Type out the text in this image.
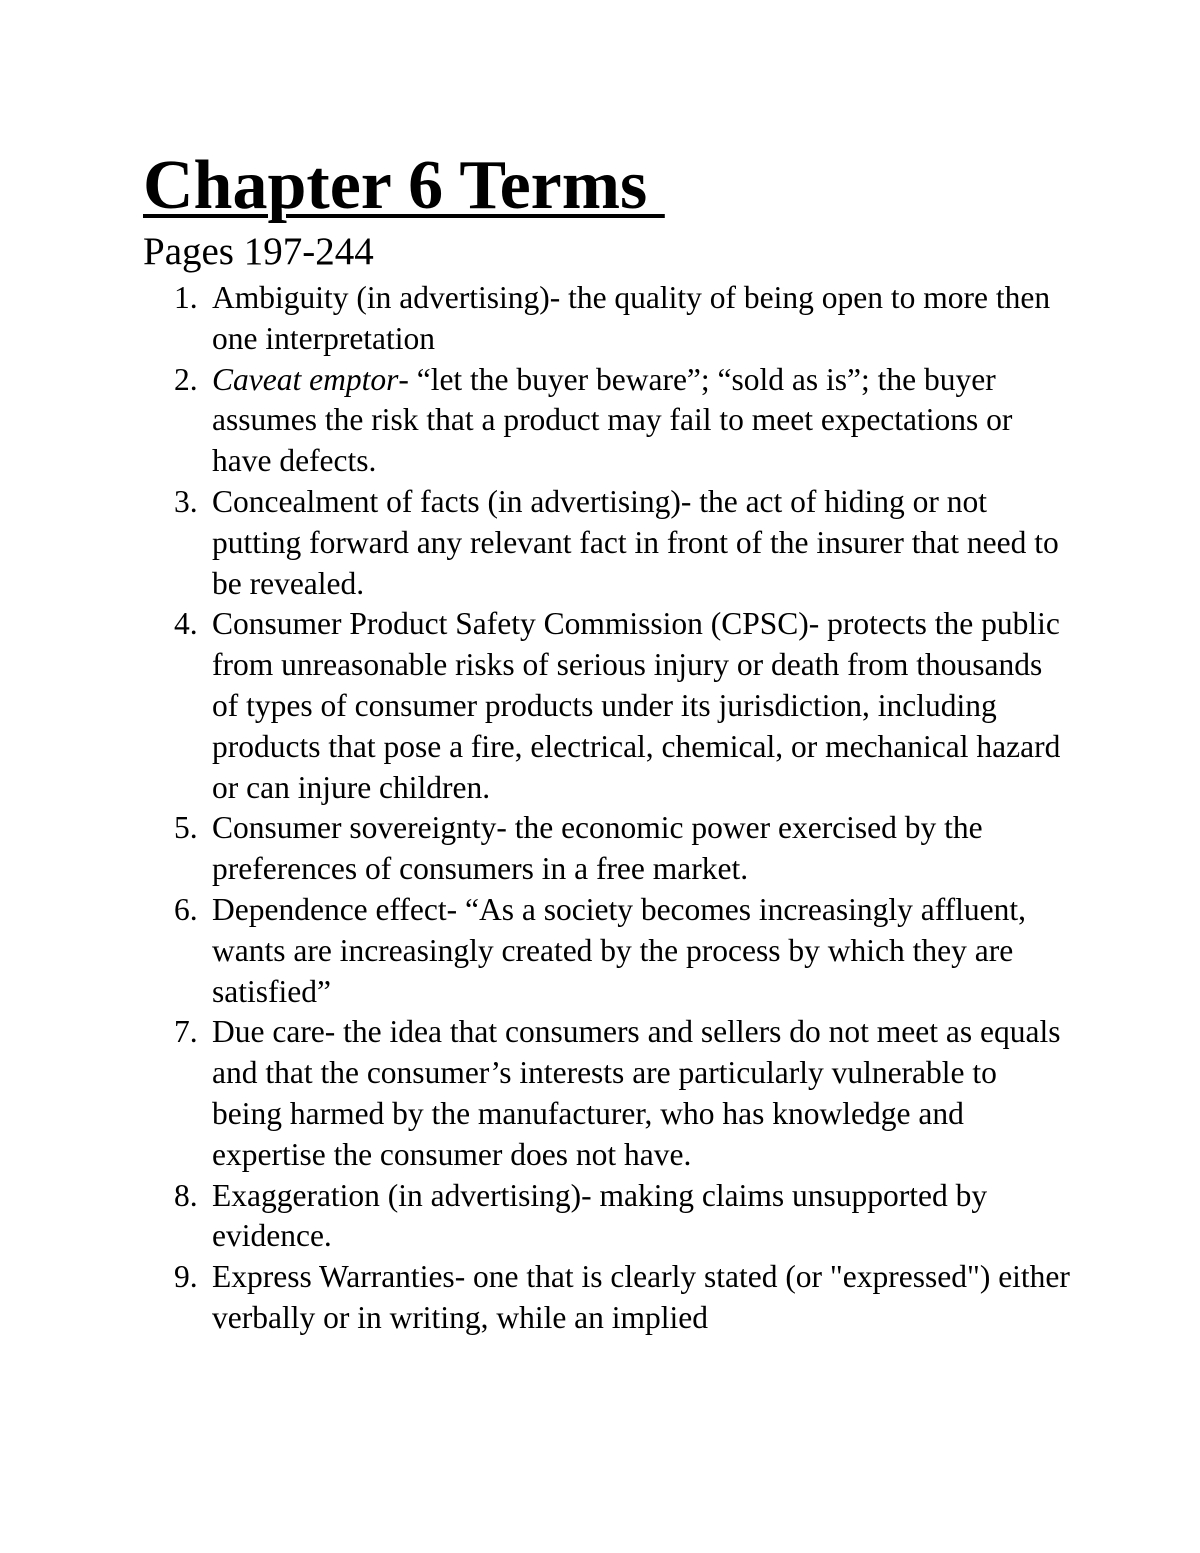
Chapter 6 Terms
Pages 197-244
1. Ambiguity (in advertising)- the quality of being open to more then one interpretation
2. Caveat emptor- “let the buyer beware”; “sold as is”; the buyer assumes the risk that a product may fail to meet expectations or have defects.
3. Concealment of facts (in advertising)- the act of hiding or not putting forward any relevant fact in front of the insurer that need to be revealed.
4. Consumer Product Safety Commission (CPSC)- protects the public from unreasonable risks of serious injury or death from thousands of types of consumer products under its jurisdiction, including products that pose a fire, electrical, chemical, or mechanical hazard or can injure children.
5. Consumer sovereignty- the economic power exercised by the preferences of consumers in a free market.
6. Dependence effect- “As a society becomes increasingly affluent, wants are increasingly created by the process by which they are satisfied”
7. Due care- the idea that consumers and sellers do not meet as equals and that the consumer’s interests are particularly vulnerable to being harmed by the manufacturer, who has knowledge and expertise the consumer does not have.
8. Exaggeration (in advertising)- making claims unsupported by evidence.
9. Express Warranties- one that is clearly stated (or "expressed") either verbally or in writing, while an implied
